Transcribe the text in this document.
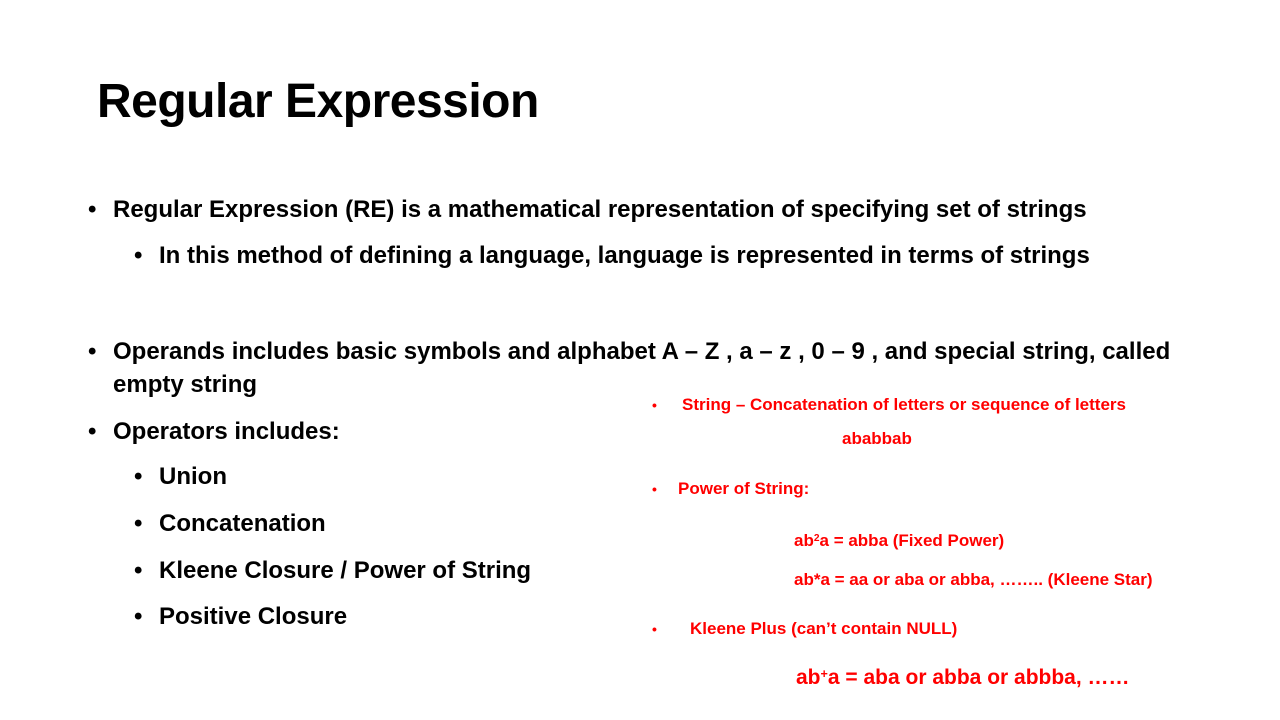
Regular Expression
• Regular Expression (RE) is a mathematical representation of specifying set of strings
• In this method of defining a language, language is represented in terms of strings
• Operands includes basic symbols and alphabet A – Z , a – z , 0 – 9 , and special string, called
empty string
• Operators includes:
• Union
• Concatenation
• Kleene Closure / Power of String
• Positive Closure
• String – Concatenation of letters or sequence of letters
ababbab
• Power of String:
$ab^2a$ = abba (Fixed Power)
ab*a = aa or aba or abba, …….. (Kleene Star)
• Kleene Plus (can’t contain NULL)
ab+a = aba or abba or abbba, ……
